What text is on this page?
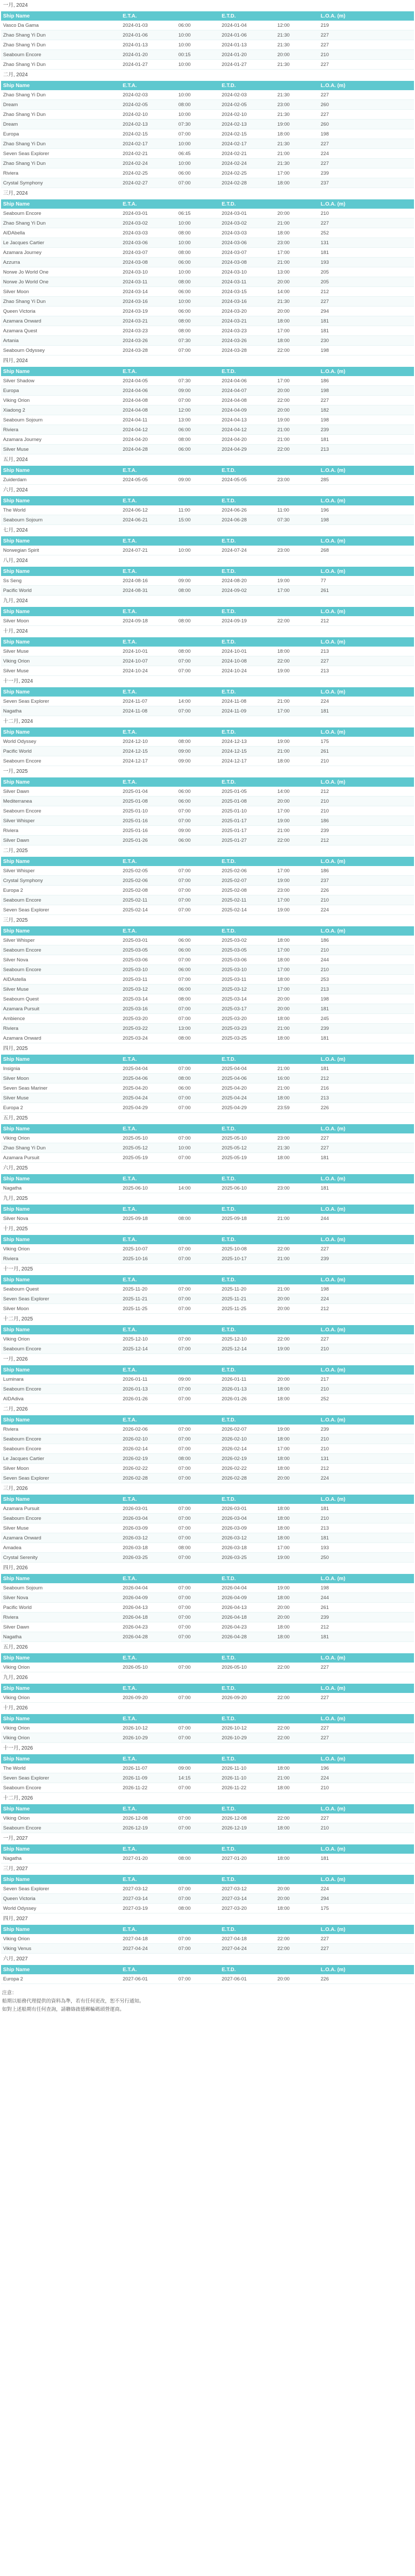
一月, 2024
Ship Name	E.T.A.		E.T.D.		L.O.A. (m)
Vasco Da Gama	2024-01-03	06:00	2024-01-04	12:00	219
Zhao Shang Yi Dun	2024-01-06	10:00	2024-01-06	21:30	227
Zhao Shang Yi Dun	2024-01-13	10:00	2024-01-13	21:30	227
Seabourn Encore	2024-01-20	00:15	2024-01-20	20:00	210
Zhao Shang Yi Dun	2024-01-27	10:00	2024-01-27	21:30	227
二月, 2024
Ship Name	E.T.A.		E.T.D.		L.O.A. (m)
Zhao Shang Yi Dun	2024-02-03	10:00	2024-02-03	21:30	227
Dream	2024-02-05	08:00	2024-02-05	23:00	260
Zhao Shang Yi Dun	2024-02-10	10:00	2024-02-10	21:30	227
Dream	2024-02-13	07:30	2024-02-13	19:00	260
Europa	2024-02-15	07:00	2024-02-15	18:00	198
Zhao Shang Yi Dun	2024-02-17	10:00	2024-02-17	21:30	227
Seven Seas Explorer	2024-02-21	06:45	2024-02-21	21:00	224
Zhao Shang Yi Dun	2024-02-24	10:00	2024-02-24	21:30	227
Riviera	2024-02-25	06:00	2024-02-25	17:00	239
Crystal Symphony	2024-02-27	07:00	2024-02-28	18:00	237
三月, 2024
Ship Name	E.T.A.		E.T.D.		L.O.A. (m)
Seabourn Encore	2024-03-01	06:15	2024-03-01	20:00	210
Zhao Shang Yi Dun	2024-03-02	10:00	2024-03-02	21:00	227
AIDAbella	2024-03-03	08:00	2024-03-03	18:00	252
Le Jacques Cartier	2024-03-06	10:00	2024-03-06	23:00	131
Azamara Journey	2024-03-07	08:00	2024-03-07	17:00	181
Azzurra	2024-03-08	06:00	2024-03-08	21:00	193
Norwe Jo World One	2024-03-10	10:00	2024-03-10	13:00	205
Norwe Jo World One	2024-03-11	08:00	2024-03-11	20:00	205
Silver Moon	2024-03-14	06:00	2024-03-15	14:00	212
Zhao Shang Yi Dun	2024-03-16	10:00	2024-03-16	21:30	227
Queen Victoria	2024-03-19	06:00	2024-03-20	20:00	294
Azamara Onward	2024-03-21	08:00	2024-03-21	18:00	181
Azamara Quest	2024-03-23	08:00	2024-03-23	17:00	181
Artania	2024-03-26	07:30	2024-03-26	18:00	230
Seabourn Odyssey	2024-03-28	07:00	2024-03-28	22:00	198
四月, 2024
Ship Name	E.T.A.		E.T.D.		L.O.A. (m)
Silver Shadow	2024-04-05	07:30	2024-04-06	17:00	186
Europa	2024-04-06	09:00	2024-04-07	20:00	198
Viking Orion	2024-04-08	07:00	2024-04-08	22:00	227
Xiadong 2	2024-04-08	12:00	2024-04-09	20:00	182
Seabourn Sojourn	2024-04-11	13:00	2024-04-13	19:00	198
Riviera	2024-04-12	06:00	2024-04-12	21:00	239
Azamara Journey	2024-04-20	08:00	2024-04-20	21:00	181
Silver Muse	2024-04-28	06:00	2024-04-29	22:00	213
五月, 2024
Ship Name	E.T.A.		E.T.D.		L.O.A. (m)
Zuiderdam	2024-05-05	09:00	2024-05-05	23:00	285
六月, 2024
Ship Name	E.T.A.		E.T.D.		L.O.A. (m)
The World	2024-06-12	11:00	2024-06-26	11:00	196
Seabourn Sojourn	2024-06-21	15:00	2024-06-28	07:30	198
七月, 2024
Ship Name	E.T.A.		E.T.D.		L.O.A. (m)
Norwegian Spirit	2024-07-21	10:00	2024-07-24	23:00	268
八月, 2024
Ship Name	E.T.A.		E.T.D.		L.O.A. (m)
Ss Seng	2024-08-16	09:00	2024-08-20	19:00	77
Pacific World	2024-08-31	08:00	2024-09-02	17:00	261
九月, 2024
Ship Name	E.T.A.		E.T.D.		L.O.A. (m)
Silver Moon	2024-09-18	08:00	2024-09-19	22:00	212
十月, 2024
Ship Name	E.T.A.		E.T.D.		L.O.A. (m)
Silver Muse	2024-10-01	08:00	2024-10-01	18:00	213
Viking Orion	2024-10-07	07:00	2024-10-08	22:00	227
Silver Muse	2024-10-24	07:00	2024-10-24	19:00	213
十一月, 2024
Ship Name	E.T.A.		E.T.D.		L.O.A. (m)
Seven Seas Explorer	2024-11-07	14:00	2024-11-08	21:00	224
Nagatha	2024-11-08	07:00	2024-11-09	17:00	181
十二月, 2024
Ship Name	E.T.A.		E.T.D.		L.O.A. (m)
World Odyssey	2024-12-10	08:00	2024-12-13	19:00	175
Pacific World	2024-12-15	09:00	2024-12-15	21:00	261
Seabourn Encore	2024-12-17	09:00	2024-12-17	18:00	210
一月, 2025
Ship Name	E.T.A.		E.T.D.		L.O.A. (m)
Silver Dawn	2025-01-04	06:00	2025-01-05	14:00	212
Mediterranea	2025-01-08	06:00	2025-01-08	20:00	210
Seabourn Encore	2025-01-10	07:00	2025-01-10	17:00	210
Silver Whisper	2025-01-16	07:00	2025-01-17	19:00	186
Riviera	2025-01-16	09:00	2025-01-17	21:00	239
Silver Dawn	2025-01-26	06:00	2025-01-27	22:00	212
二月, 2025
Ship Name	E.T.A.		E.T.D.		L.O.A. (m)
Silver Whisper	2025-02-05	07:00	2025-02-06	17:00	186
Crystal Symphony	2025-02-06	07:00	2025-02-07	19:00	237
Europa 2	2025-02-08	07:00	2025-02-08	23:00	226
Seabourn Encore	2025-02-11	07:00	2025-02-11	17:00	210
Seven Seas Explorer	2025-02-14	07:00	2025-02-14	19:00	224
三月, 2025
Ship Name	E.T.A.		E.T.D.		L.O.A. (m)
Silver Whisper	2025-03-01	06:00	2025-03-02	18:00	186
Seabourn Encore	2025-03-05	06:00	2025-03-05	17:00	210
Silver Nova	2025-03-06	07:00	2025-03-06	18:00	244
Seabourn Encore	2025-03-10	06:00	2025-03-10	17:00	210
AIDAstella	2025-03-11	07:00	2025-03-11	18:00	253
Silver Muse	2025-03-12	06:00	2025-03-12	17:00	213
Seabourn Quest	2025-03-14	08:00	2025-03-14	20:00	198
Azamara Pursuit	2025-03-16	07:00	2025-03-17	20:00	181
Ambience	2025-03-20	07:00	2025-03-20	18:00	245
Riviera	2025-03-22	13:00	2025-03-23	21:00	239
Azamara Onward	2025-03-24	08:00	2025-03-25	18:00	181
四月, 2025
Ship Name	E.T.A.		E.T.D.		L.O.A. (m)
Insignia	2025-04-04	07:00	2025-04-04	21:00	181
Silver Moon	2025-04-06	08:00	2025-04-06	16:00	212
Seven Seas Mariner	2025-04-20	06:00	2025-04-20	21:00	216
Silver Muse	2025-04-24	07:00	2025-04-24	18:00	213
Europa 2	2025-04-29	07:00	2025-04-29	23:59	226
五月, 2025
Ship Name	E.T.A.		E.T.D.		L.O.A. (m)
Viking Orion	2025-05-10	07:00	2025-05-10	23:00	227
Zhao Shang Yi Dun	2025-05-12	10:00	2025-05-12	21:30	227
Azamara Pursuit	2025-05-19	07:00	2025-05-19	18:00	181
六月, 2025
Ship Name	E.T.A.		E.T.D.		L.O.A. (m)
Nagatha	2025-06-10	14:00	2025-06-10	23:00	181
九月, 2025
Ship Name	E.T.A.		E.T.D.		L.O.A. (m)
Silver Nova	2025-09-18	08:00	2025-09-18	21:00	244
十月, 2025
Ship Name	E.T.A.		E.T.D.		L.O.A. (m)
Viking Orion	2025-10-07	07:00	2025-10-08	22:00	227
Riviera	2025-10-16	07:00	2025-10-17	21:00	239
十一月, 2025
Ship Name	E.T.A.		E.T.D.		L.O.A. (m)
Seabourn Quest	2025-11-20	07:00	2025-11-20	21:00	198
Seven Seas Explorer	2025-11-21	07:00	2025-11-21	20:00	224
Silver Moon	2025-11-25	07:00	2025-11-25	20:00	212
十二月, 2025
Ship Name	E.T.A.		E.T.D.		L.O.A. (m)
Viking Orion	2025-12-10	07:00	2025-12-10	22:00	227
Seabourn Encore	2025-12-14	07:00	2025-12-14	19:00	210
一月, 2026
Ship Name	E.T.A.		E.T.D.		L.O.A. (m)
Luminara	2026-01-11	09:00	2026-01-11	20:00	217
Seabourn Encore	2026-01-13	07:00	2026-01-13	18:00	210
AIDAdiva	2026-01-26	07:00	2026-01-26	18:00	252
二月, 2026
Ship Name	E.T.A.		E.T.D.		L.O.A. (m)
Riviera	2026-02-06	07:00	2026-02-07	19:00	239
Seabourn Encore	2026-02-10	07:00	2026-02-10	18:00	210
Seabourn Encore	2026-02-14	07:00	2026-02-14	17:00	210
Le Jacques Cartier	2026-02-19	08:00	2026-02-19	18:00	131
Silver Moon	2026-02-22	07:00	2026-02-22	18:00	212
Seven Seas Explorer	2026-02-28	07:00	2026-02-28	20:00	224
三月, 2026
Ship Name	E.T.A.		E.T.D.		L.O.A. (m)
Azamara Pursuit	2026-03-01	07:00	2026-03-01	18:00	181
Seabourn Encore	2026-03-04	07:00	2026-03-04	18:00	210
Silver Muse	2026-03-09	07:00	2026-03-09	18:00	213
Azamara Onward	2026-03-12	07:00	2026-03-12	18:00	181
Amadea	2026-03-18	08:00	2026-03-18	17:00	193
Crystal Serenity	2026-03-25	07:00	2026-03-25	19:00	250
四月, 2026
Ship Name	E.T.A.		E.T.D.		L.O.A. (m)
Seabourn Sojourn	2026-04-04	07:00	2026-04-04	19:00	198
Silver Nova	2026-04-09	07:00	2026-04-09	18:00	244
Pacific World	2026-04-13	07:00	2026-04-13	20:00	261
Riviera	2026-04-18	07:00	2026-04-18	20:00	239
Silver Dawn	2026-04-23	07:00	2026-04-23	18:00	212
Nagatha	2026-04-28	07:00	2026-04-28	18:00	181
五月, 2026
Ship Name	E.T.A.		E.T.D.		L.O.A. (m)
Viking Orion	2026-05-10	07:00	2026-05-10	22:00	227
九月, 2026
Ship Name	E.T.A.		E.T.D.		L.O.A. (m)
Viking Orion	2026-09-20	07:00	2026-09-20	22:00	227
十月, 2026
Ship Name	E.T.A.		E.T.D.		L.O.A. (m)
Viking Orion	2026-10-12	07:00	2026-10-12	22:00	227
Viking Orion	2026-10-29	07:00	2026-10-29	22:00	227
十一月, 2026
Ship Name	E.T.A.		E.T.D.		L.O.A. (m)
The World	2026-11-07	09:00	2026-11-10	18:00	196
Seven Seas Explorer	2026-11-09	14:15	2026-11-10	21:00	224
Seabourn Encore	2026-11-22	07:00	2026-11-22	18:00	210
十二月, 2026
Ship Name	E.T.A.		E.T.D.		L.O.A. (m)
Viking Orion	2026-12-08	07:00	2026-12-08	22:00	227
Seabourn Encore	2026-12-19	07:00	2026-12-19	18:00	210
一月, 2027
Ship Name	E.T.A.		E.T.D.		L.O.A. (m)
Nagatha	2027-01-20	08:00	2027-01-20	18:00	181
三月, 2027
Ship Name	E.T.A.		E.T.D.		L.O.A. (m)
Seven Seas Explorer	2027-03-12	07:00	2027-03-12	20:00	224
Queen Victoria	2027-03-14	07:00	2027-03-14	20:00	294
World Odyssey	2027-03-19	08:00	2027-03-20	18:00	175
四月, 2027
Ship Name	E.T.A.		E.T.D.		L.O.A. (m)
Viking Orion	2027-04-18	07:00	2027-04-18	22:00	227
Viking Venus	2027-04-24	07:00	2027-04-24	22:00	227
六月, 2027
Ship Name	E.T.A.		E.T.D.		L.O.A. (m)
Europa 2	2027-06-01	07:00	2027-06-01	20:00	226
注意：
船期以船務代理提供的資料為準，若有任何更改，恕不另行通知。
如對上述船期有任何查詢，請聯絡啟德郵輪碼頭營運商。
